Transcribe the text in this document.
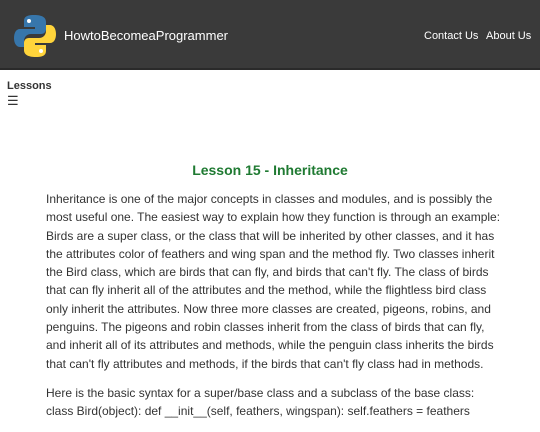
HowtoBecomeaProgrammer	Contact Us About Us
Lessons
☰
Lesson 15 - Inheritance

Inheritance is one of the major concepts in classes and modules, and is possibly the most useful one. The easiest way to explain how they function is through an example: Birds are a super class, or the class that will be inherited by other classes, and it has the attributes color of feathers and wing span and the method fly. Two classes inherit the Bird class, which are birds that can fly, and birds that can't fly. The class of birds that can fly inherit all of the attributes and the method, while the flightless bird class only inherit the attributes. Now three more classes are created, pigeons, robins, and penguins. The pigeons and robin classes inherit from the class of birds that can fly, and inherit all of its attributes and methods, while the penguin class inherits the birds that can't fly attributes and methods, if the birds that can't fly class had in methods.

Here is the basic syntax for a super/base class and a subclass of the base class: class Bird(object): def __init__(self, feathers, wingspan): self.feathers = feathers
